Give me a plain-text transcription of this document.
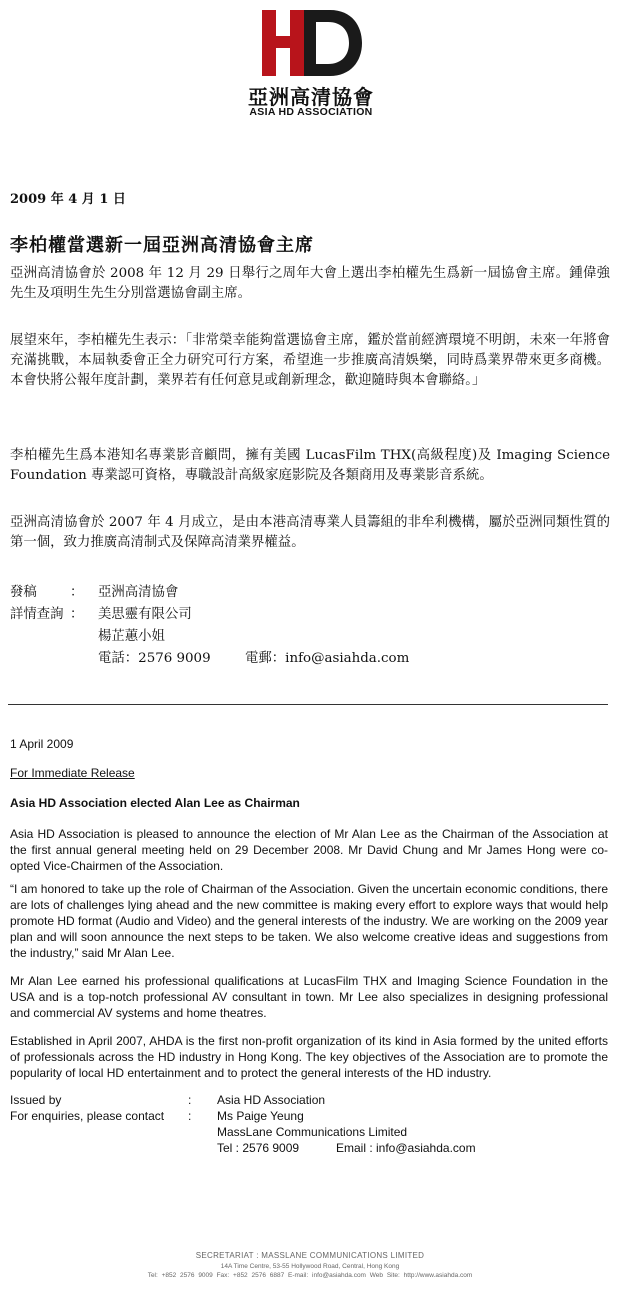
亞洲高清協會
ASIA HD ASSOCIATION
2009 年 4 月 1 日
李柏權當選新一屆亞洲高清協會主席

亞洲高清協會於 2008 年 12 月 29 日舉行之周年大會上選出李柏權先生爲新一屆協會主席。鍾偉強先生及項明生先生分別當選協會副主席。

展望來年，李柏權先生表示：「非常榮幸能夠當選協會主席，鑑於當前經濟環境不明朗，未來一年將會充滿挑戰，本屆執委會正全力研究可行方案，希望進一步推廣高清娛樂，同時爲業界帶來更多商機。本會快將公報年度計劃，業界若有任何意見或創新理念，歡迎隨時與本會聯絡。」

李柏權先生爲本港知名專業影音顧問，擁有美國 LucasFilm THX(高級程度)及 Imaging Science Foundation 專業認可資格，專職設計高級家庭影院及各類商用及專業影音系統。

亞洲高清協會於 2007 年 4 月成立，是由本港高清專業人員籌組的非牟利機構，屬於亞洲同類性質的第一個，致力推廣高清制式及保障高清業界權益。

發稿 ： 亞洲高清協會
詳情查詢 ： 美思靈有限公司
楊芷蕙小姐
電話：2576 9009	電郵：info@asiahda.com
1 April 2009
For Immediate Release
Asia HD Association elected Alan Lee as Chairman

Asia HD Association is pleased to announce the election of Mr Alan Lee as the Chairman of the Association at the first annual general meeting held on 29 December 2008. Mr David Chung and Mr James Hong were co-opted Vice-Chairmen of the Association.

“I am honored to take up the role of Chairman of the Association. Given the uncertain economic conditions, there are lots of challenges lying ahead and the new committee is making every effort to explore ways that would help promote HD format (Audio and Video) and the general interests of the industry. We are working on the 2009 year plan and will soon announce the next steps to be taken. We also welcome creative ideas and suggestions from the industry,” said Mr Alan Lee.

Mr Alan Lee earned his professional qualifications at LucasFilm THX and Imaging Science Foundation in the USA and is a top-notch professional AV consultant in town. Mr Lee also specializes in designing professional and commercial AV systems and home theatres.

Established in April 2007, AHDA is the first non-profit organization of its kind in Asia formed by the united efforts of professionals across the HD industry in Hong Kong. The key objectives of the Association are to promote the popularity of local HD entertainment and to protect the general interests of the HD industry.

Issued by	: Asia HD Association
For enquiries, please contact : Ms Paige Yeung
MassLane Communications Limited
Tel : 2576 9009	Email : info@asiahda.com
SECRETARIAT : MASSLANE COMMUNICATIONS LIMITED
14A Time Centre, 53-55 Hollywood Road, Central, Hong Kong
Tel: +852 2576 9009 Fax: +852 2576 6887 E-mail: info@asiahda.com Web Site: http://www.asiahda.com
